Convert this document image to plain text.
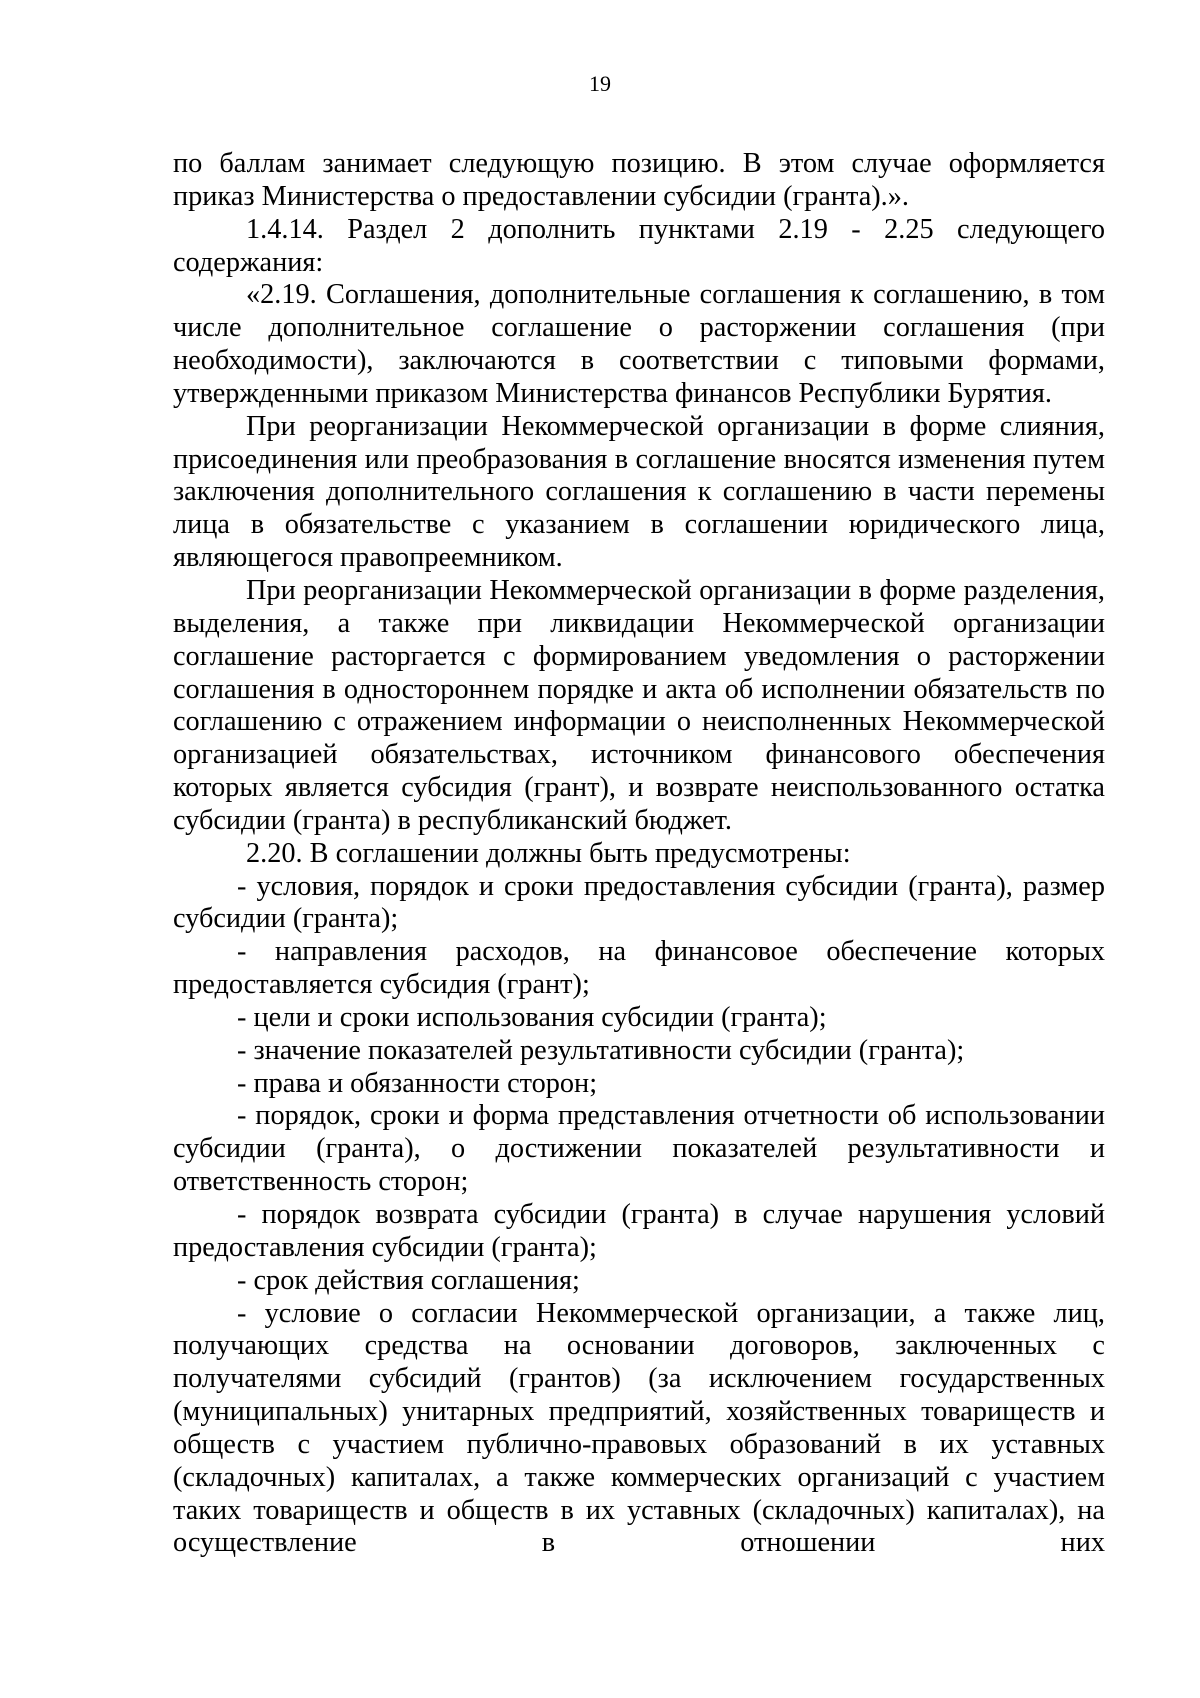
19

по баллам занимает следующую позицию. В этом случае оформляется приказ Министерства о предоставлении субсидии (гранта).».

1.4.14. Раздел 2 дополнить пунктами 2.19 - 2.25 следующего содержания:

«2.19. Соглашения, дополнительные соглашения к соглашению, в том числе дополнительное соглашение о расторжении соглашения (при необходимости), заключаются в соответствии с типовыми формами, утвержденными приказом Министерства финансов Республики Бурятия.

При реорганизации Некоммерческой организации в форме слияния, присоединения или преобразования в соглашение вносятся изменения путем заключения дополнительного соглашения к соглашению в части перемены лица в обязательстве с указанием в соглашении юридического лица, являющегося правопреемником.

При реорганизации Некоммерческой организации в форме разделения, выделения, а также при ликвидации Некоммерческой организации соглашение расторгается с формированием уведомления о расторжении соглашения в одностороннем порядке и акта об исполнении обязательств по соглашению с отражением информации о неисполненных Некоммерческой организацией обязательствах, источником финансового обеспечения которых является субсидия (грант), и возврате неиспользованного остатка субсидии (гранта) в республиканский бюджет.

2.20. В соглашении должны быть предусмотрены:

- условия, порядок и сроки предоставления субсидии (гранта), размер субсидии (гранта);

- направления расходов, на финансовое обеспечение которых предоставляется субсидия (грант);

- цели и сроки использования субсидии (гранта);

- значение показателей результативности субсидии (гранта);

- права и обязанности сторон;

- порядок, сроки и форма представления отчетности об использовании субсидии (гранта), о достижении показателей результативности и ответственность сторон;

- порядок возврата субсидии (гранта) в случае нарушения условий предоставления субсидии (гранта);

- срок действия соглашения;

- условие о согласии Некоммерческой организации, а также лиц, получающих средства на основании договоров, заключенных с получателями субсидий (грантов) (за исключением государственных (муниципальных) унитарных предприятий, хозяйственных товариществ и обществ с участием публично-правовых образований в их уставных (складочных) капиталах, а также коммерческих организаций с участием таких товариществ и обществ в их уставных (складочных) капиталах), на осуществление в отношении них
